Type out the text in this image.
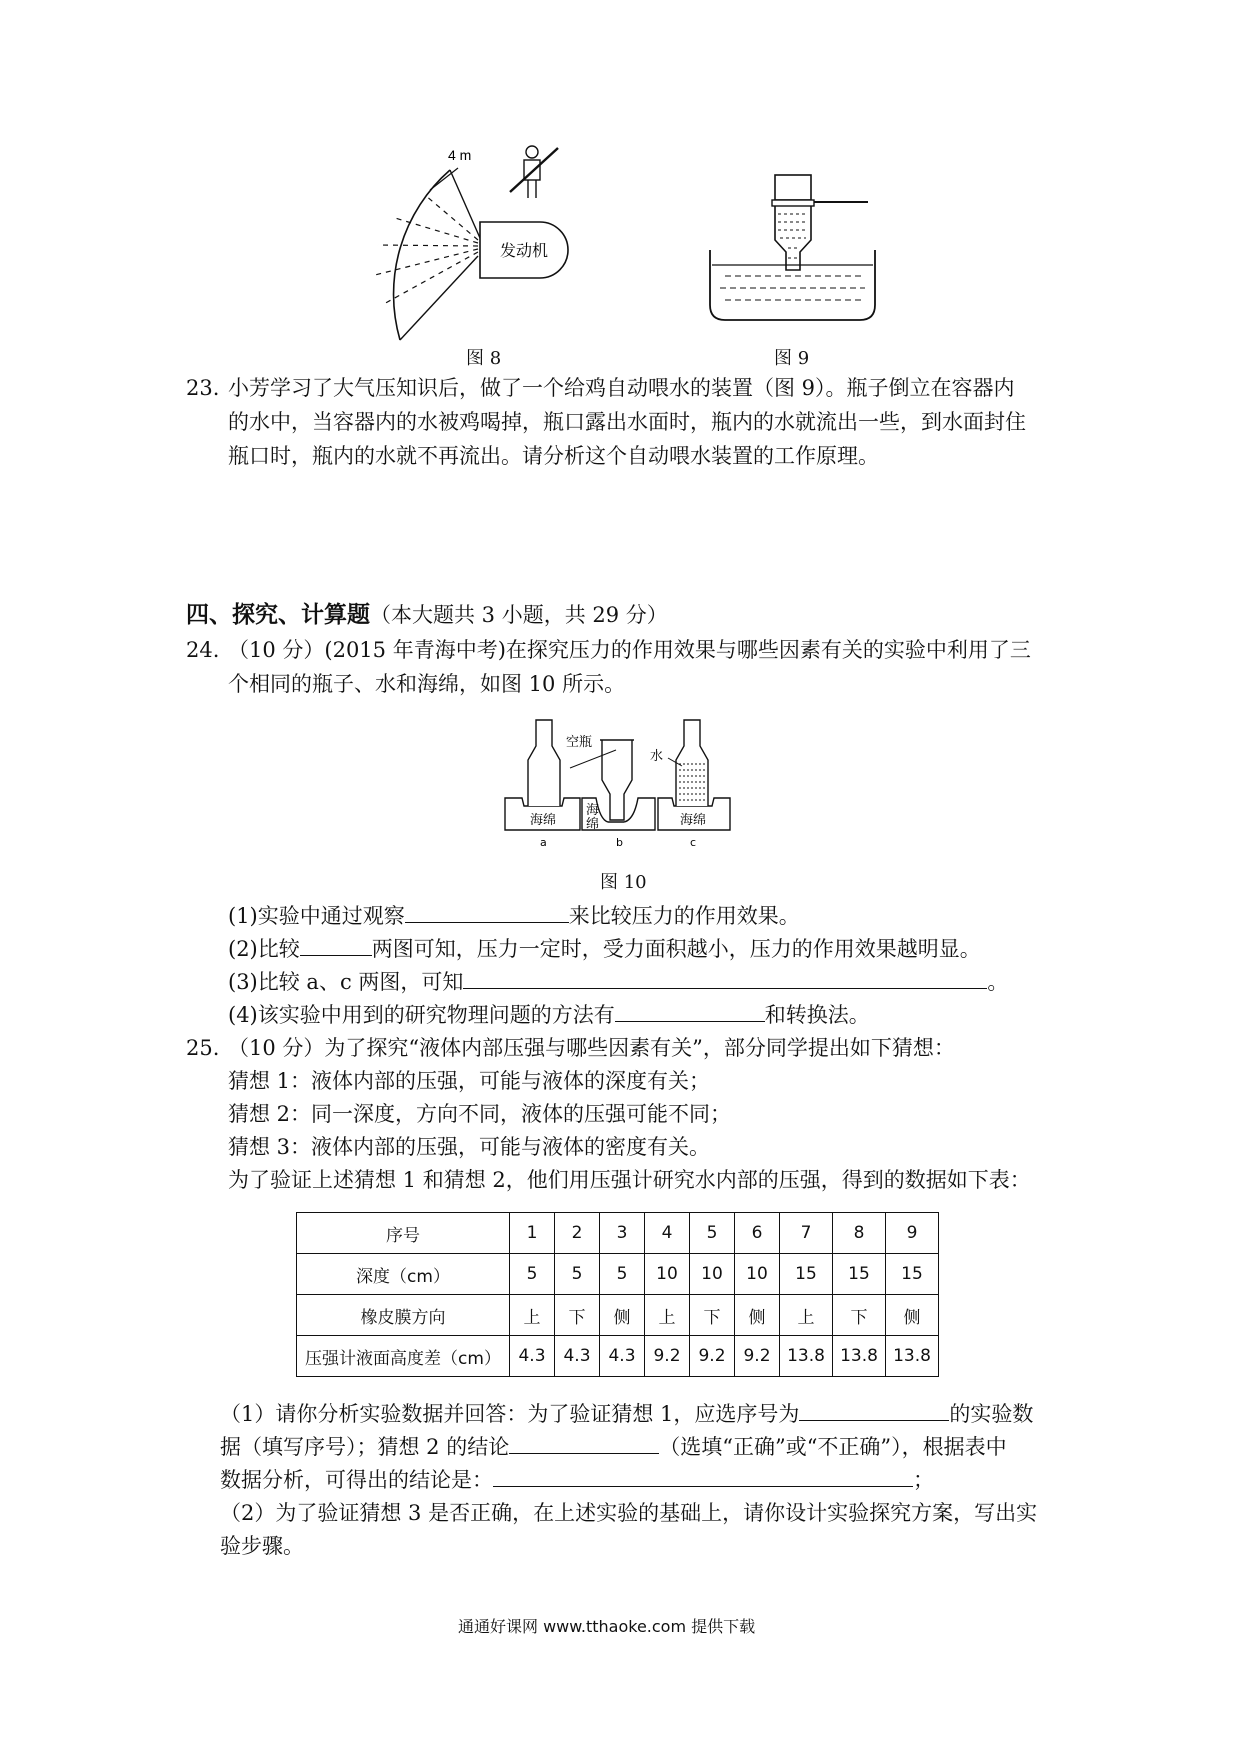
4 m
发动机
图 8	图 9
23. 小芳学习了大气压知识后，做了一个给鸡自动喂水的装置（图 9）。瓶子倒立在容器内
的水中，当容器内的水被鸡喝掉，瓶口露出水面时，瓶内的水就流出一些，到水面封住
瓶口时，瓶内的水就不再流出。请分析这个自动喂水装置的工作原理。
四、探究、计算题（本大题共 3 小题，共 29 分）
24. （10 分）(2015 年青海中考)在探究压力的作用效果与哪些因素有关的实验中利用了三
个相同的瓶子、水和海绵，如图 10 所示。
空瓶
水
海绵
海
绵	海绵
a	b	c
图 10
(1)实验中通过观察	来比较压力的作用效果。
(2)比较	两图可知，压力一定时，受力面积越小，压力的作用效果越明显。
(3)比较 a、c 两图，可知	。
(4)该实验中用到的研究物理问题的方法有	和转换法。
25. （10 分）为了探究“液体内部压强与哪些因素有关”，部分同学提出如下猜想：
猜想 1：液体内部的压强，可能与液体的深度有关；
猜想 2：同一深度，方向不同，液体的压强可能不同；
猜想 3：液体内部的压强，可能与液体的密度有关。
为了验证上述猜想 1 和猜想 2，他们用压强计研究水内部的压强，得到的数据如下表：
序号	1	2	3	4	5	6	7	8	9
深度（cm）	5	5	5	10	10	10	15	15	15
橡皮膜方向	上	下	侧	上	下	侧	上	下	侧
压强计液面高度差（cm）	4.3	4.3	4.3	9.2	9.2	9.2	13.8	13.8	13.8
（1）请你分析实验数据并回答：为了验证猜想 1，应选序号为	的实验数
据（填写序号）；猜想 2 的结论	（选填“正确”或“不正确”），根据表中
数据分析，可得出的结论是：	；
（2）为了验证猜想 3 是否正确，在上述实验的基础上，请你设计实验探究方案，写出实
验步骤。
通通好课网 www.tthaoke.com 提供下载
